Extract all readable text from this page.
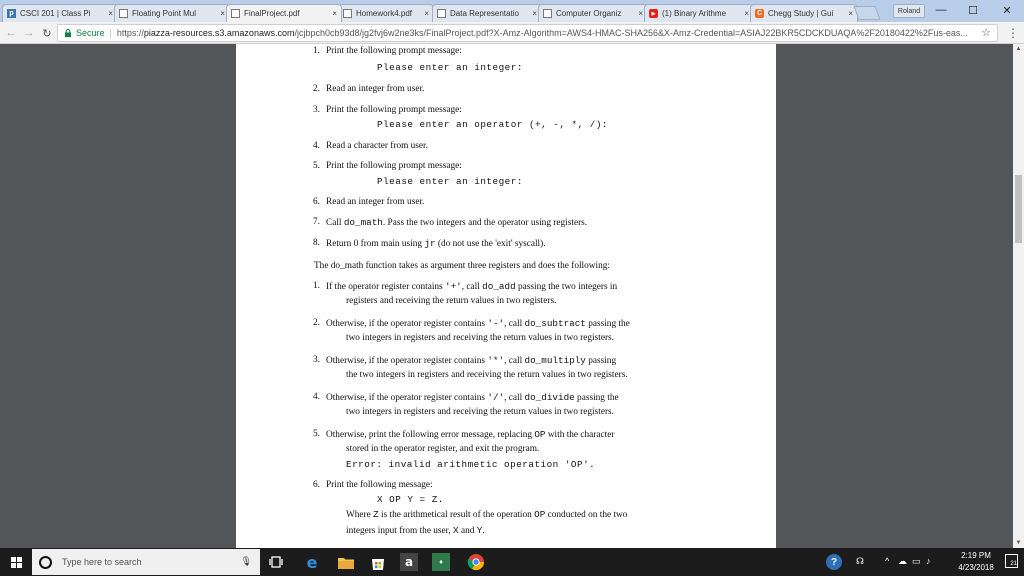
p CSCI 201 | Class Pi	× Floating Point Mul	× FinalProject.pdf	× Homework4.pdf	×	Data Representatio	× Computer Organiz	×	▶ (1) Binary Arithme	× C Chegg Study | Gui	×	Roland	—	☐	✕
← → ↻	Secure | https://piazza-resources.s3.amazonaws.com/jcjbpch0cb93d8/jg2fvj6w2ne3ks/FinalProject.pdf?X-Amz-Algorithm=AWS4-HMAC-SHA256&X-Amz-Credential=ASIAJ22BKR5CDCKDUAQA%2F20180422%2Fus-eas... ☆ ⋮
1. Print the following prompt message:
Please enter an integer:
2. Read an integer from user.
3. Print the following prompt message:
Please enter an operator (+, -, *, /):
4. Read a character from user.
5. Print the following prompt message:
Please enter an integer:
6. Read an integer from user.
7. Call do_math. Pass the two integers and the operator using registers.
8. Return 0 from main using jr (do not use the 'exit' syscall).
The do_math function takes as argument three registers and does the following:
1. If the operator register contains '+', call do_add passing the two integers in
registers and receiving the return values in two registers.
2. Otherwise, if the operator register contains '-', call do_subtract passing the
two integers in registers and receiving the return values in two registers.
3. Otherwise, if the operator register contains '*', call do_multiply passing
the two integers in registers and receiving the return values in two registers.
4. Otherwise, if the operator register contains '/', call do_divide passing the
two integers in registers and receiving the return values in two registers.
5. Otherwise, print the following error message, replacing OP with the character
stored in the operator register, and exit the program.
Error: invalid arithmetic operation 'OP'.
6. Print the following message:
X OP Y = Z.
Where Z is the arithmetical result of the operation OP conducted on the two
integers input from the user, X and Y.
▲
▼
Type here to search	🎙	e	a	♦	?	☊ ^ ☁ ▭ ♪
2:19 PM
4/23/2018	21
